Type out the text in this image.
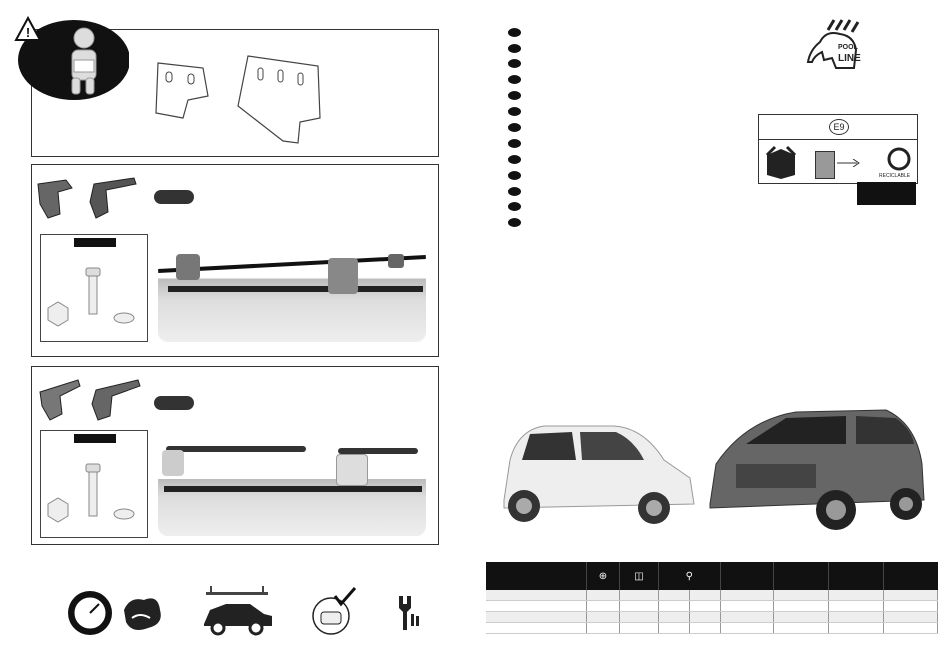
!
POOL
LINE
E9
RECICLABLE
	⊕	◫	⚲					
